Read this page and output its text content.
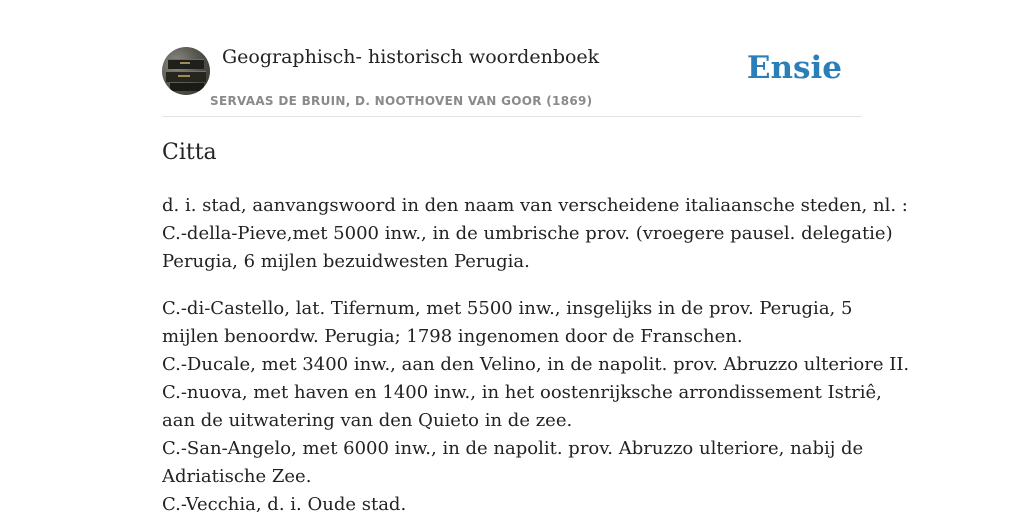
Geographisch- historisch woordenboek
SERVAAS DE BRUIN, D. NOOTHOVEN VAN GOOR (1869)
Ensie
Citta

d. i. stad, aanvangswoord in den naam van verscheidene italiaansche steden, nl. :
C.-della-Pieve,met 5000 inw., in de umbrische prov. (vroegere pausel. delegatie)
Perugia, 6 mijlen bezuidwesten Perugia.

C.-di-Castello, lat. Tifernum, met 5500 inw., insgelijks in de prov. Perugia, 5
mijlen benoordw. Perugia; 1798 ingenomen door de Franschen.
C.-Ducale, met 3400 inw., aan den Velino, in de napolit. prov. Abruzzo ulteriore II.
C.-nuova, met haven en 1400 inw., in het oostenrijksche arrondissement Istriê,
aan de uitwatering van den Quieto in de zee.
C.-San-Angelo, met 6000 inw., in de napolit. prov. Abruzzo ulteriore, nabij de
Adriatische Zee.
C.-Vecchia, d. i. Oude stad.
